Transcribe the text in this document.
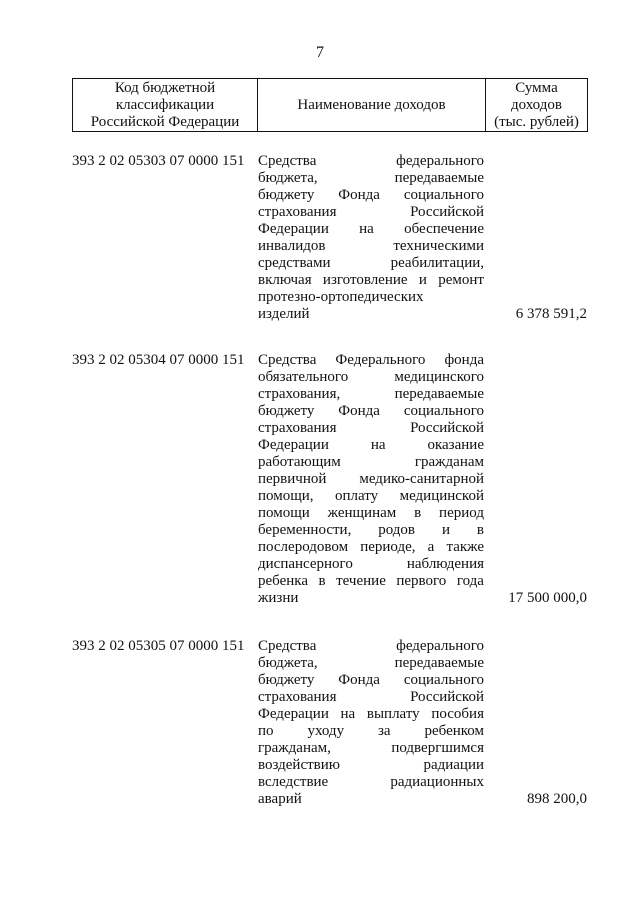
7
Код бюджетной
классификации
Российской Федерации
Наименование доходов
Сумма
доходов
(тыс. рублей)
393 2 02 05303 07 0000 151 Средства	федерального
бюджета,	передаваемые
бюджету Фонда социального
страхования	Российской
Федерации на обеспечение
инвалидов	техническими
средствами	реабилитации,
включая изготовление и ремонт
протезно-ортопедических
изделий	6 378 591,2
393 2 02 05304 07 0000 151 Средства Федерального фонда
обязательного	медицинского
страхования,	передаваемые
бюджету Фонда социального
страхования	Российской
Федерации	на	оказание
работающим	гражданам
первичной медико-санитарной
помощи, оплату медицинской
помощи женщинам в период
беременности, родов и в
послеродовом периоде, а также
диспансерного	наблюдения
ребенка в течение первого года
жизни	17 500 000,0
393 2 02 05305 07 0000 151 Средства	федерального
бюджета,	передаваемые
бюджету Фонда социального
страхования	Российской
Федерации на выплату пособия
по уходу за ребенком
гражданам,	подвергшимся
воздействию	радиации
вследствие	радиационных
аварий	898 200,0
